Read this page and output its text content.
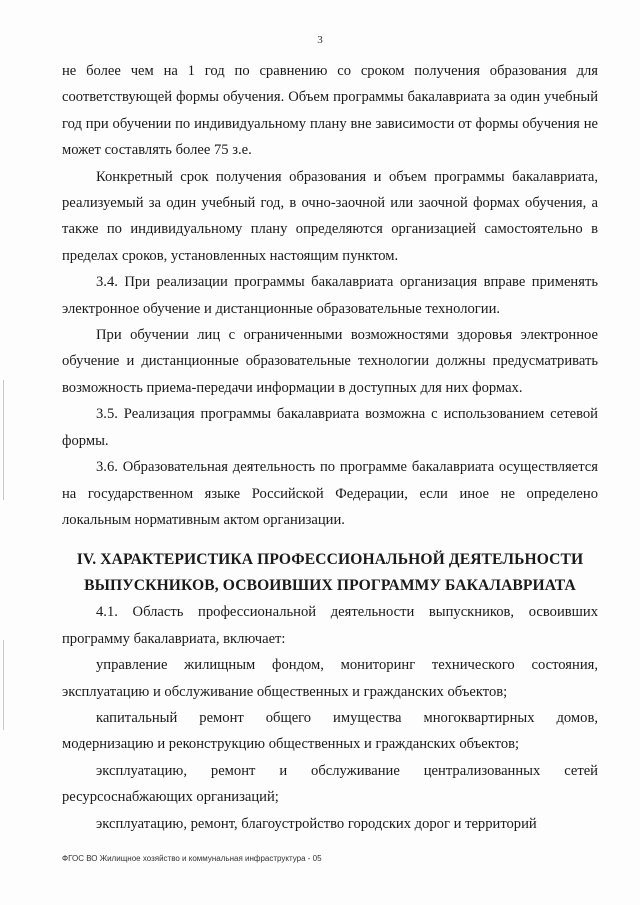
3

не более чем на 1 год по сравнению со сроком получения образования для соответствующей формы обучения. Объем программы бакалавриата за один учебный год при обучении по индивидуальному плану вне зависимости от формы обучения не может составлять более 75 з.е.

Конкретный срок получения образования и объем программы бакалавриата, реализуемый за один учебный год, в очно-заочной или заочной формах обучения, а также по индивидуальному плану определяются организацией самостоятельно в пределах сроков, установленных настоящим пунктом.

3.4. При реализации программы бакалавриата организация вправе применять электронное обучение и дистанционные образовательные технологии.

При обучении лиц с ограниченными возможностями здоровья электронное обучение и дистанционные образовательные технологии должны предусматривать возможность приема-передачи информации в доступных для них формах.

3.5. Реализация программы бакалавриата возможна с использованием сетевой формы.

3.6. Образовательная деятельность по программе бакалавриата осуществляется на государственном языке Российской Федерации, если иное не определено локальным нормативным актом организации.

IV. ХАРАКТЕРИСТИКА ПРОФЕССИОНАЛЬНОЙ ДЕЯТЕЛЬНОСТИ
ВЫПУСКНИКОВ, ОСВОИВШИХ ПРОГРАММУ БАКАЛАВРИАТА

4.1. Область профессиональной деятельности выпускников, освоивших программу бакалавриата, включает:

управление жилищным фондом, мониторинг технического состояния, эксплуатацию и обслуживание общественных и гражданских объектов;

капитальный ремонт общего имущества многоквартирных домов, модернизацию и реконструкцию общественных и гражданских объектов;

эксплуатацию, ремонт и обслуживание централизованных сетей ресурсоснабжающих организаций;

эксплуатацию, ремонт, благоустройство городских дорог и территорий

ФГОС ВО Жилищное хозяйство и коммунальная инфраструктура - 05
